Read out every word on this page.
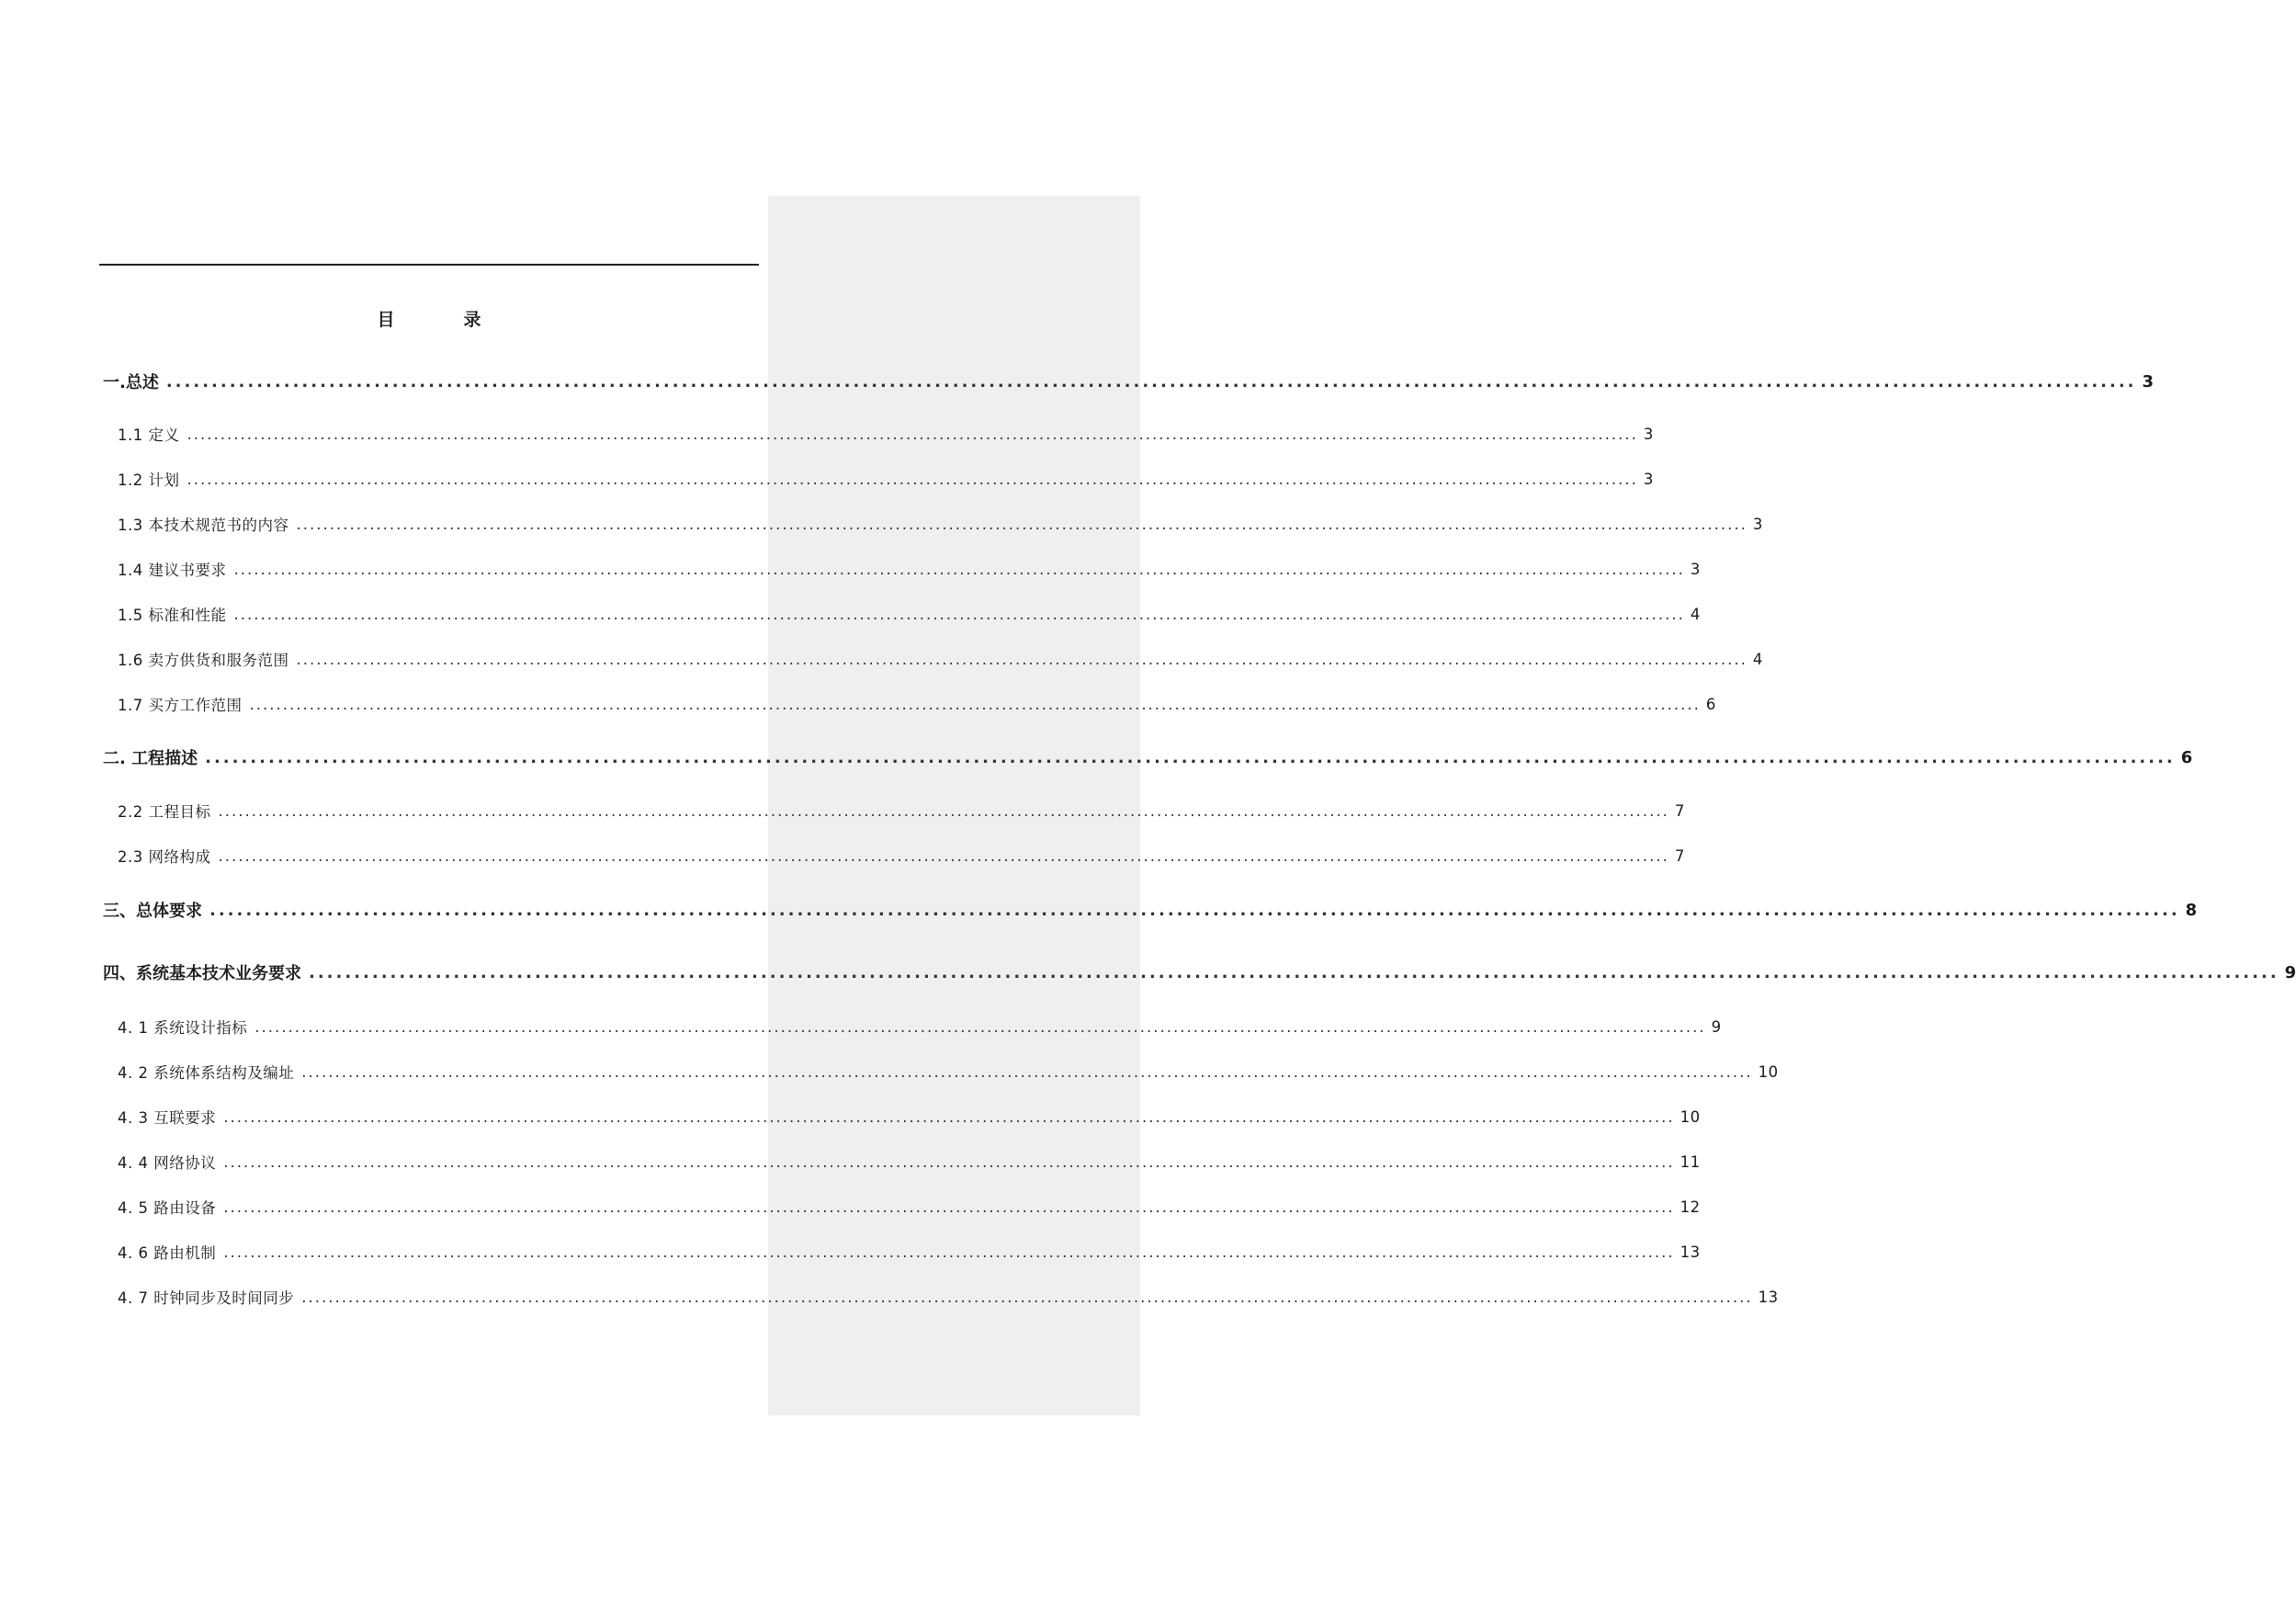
目　录
一.总述 .......................................................................................................................................................................................................................... 3
1.1 定义 .......................................................................................................................................................................................................................... 3
1.2 计划 .......................................................................................................................................................................................................................... 3
1.3 本技术规范书的内容 .......................................................................................................................................................................................................................... 3
1.4 建议书要求 .......................................................................................................................................................................................................................... 3
1.5 标准和性能 .......................................................................................................................................................................................................................... 4
1.6 卖方供货和服务范围 .......................................................................................................................................................................................................................... 4
1.7 买方工作范围 .......................................................................................................................................................................................................................... 6
二. 工程描述 .......................................................................................................................................................................................................................... 6
2.2 工程目标 .......................................................................................................................................................................................................................... 7
2.3 网络构成 .......................................................................................................................................................................................................................... 7
三、总体要求 .......................................................................................................................................................................................................................... 8
四、系统基本技术业务要求 .......................................................................................................................................................................................................................... 9
4. 1 系统设计指标 .......................................................................................................................................................................................................................... 9
4. 2 系统体系结构及编址 .......................................................................................................................................................................................................................... 10
4. 3 互联要求 .......................................................................................................................................................................................................................... 10
4. 4 网络协议 .......................................................................................................................................................................................................................... 11
4. 5 路由设备 .......................................................................................................................................................................................................................... 12
4. 6 路由机制 .......................................................................................................................................................................................................................... 13
4. 7 时钟同步及时间同步 .......................................................................................................................................................................................................................... 13
